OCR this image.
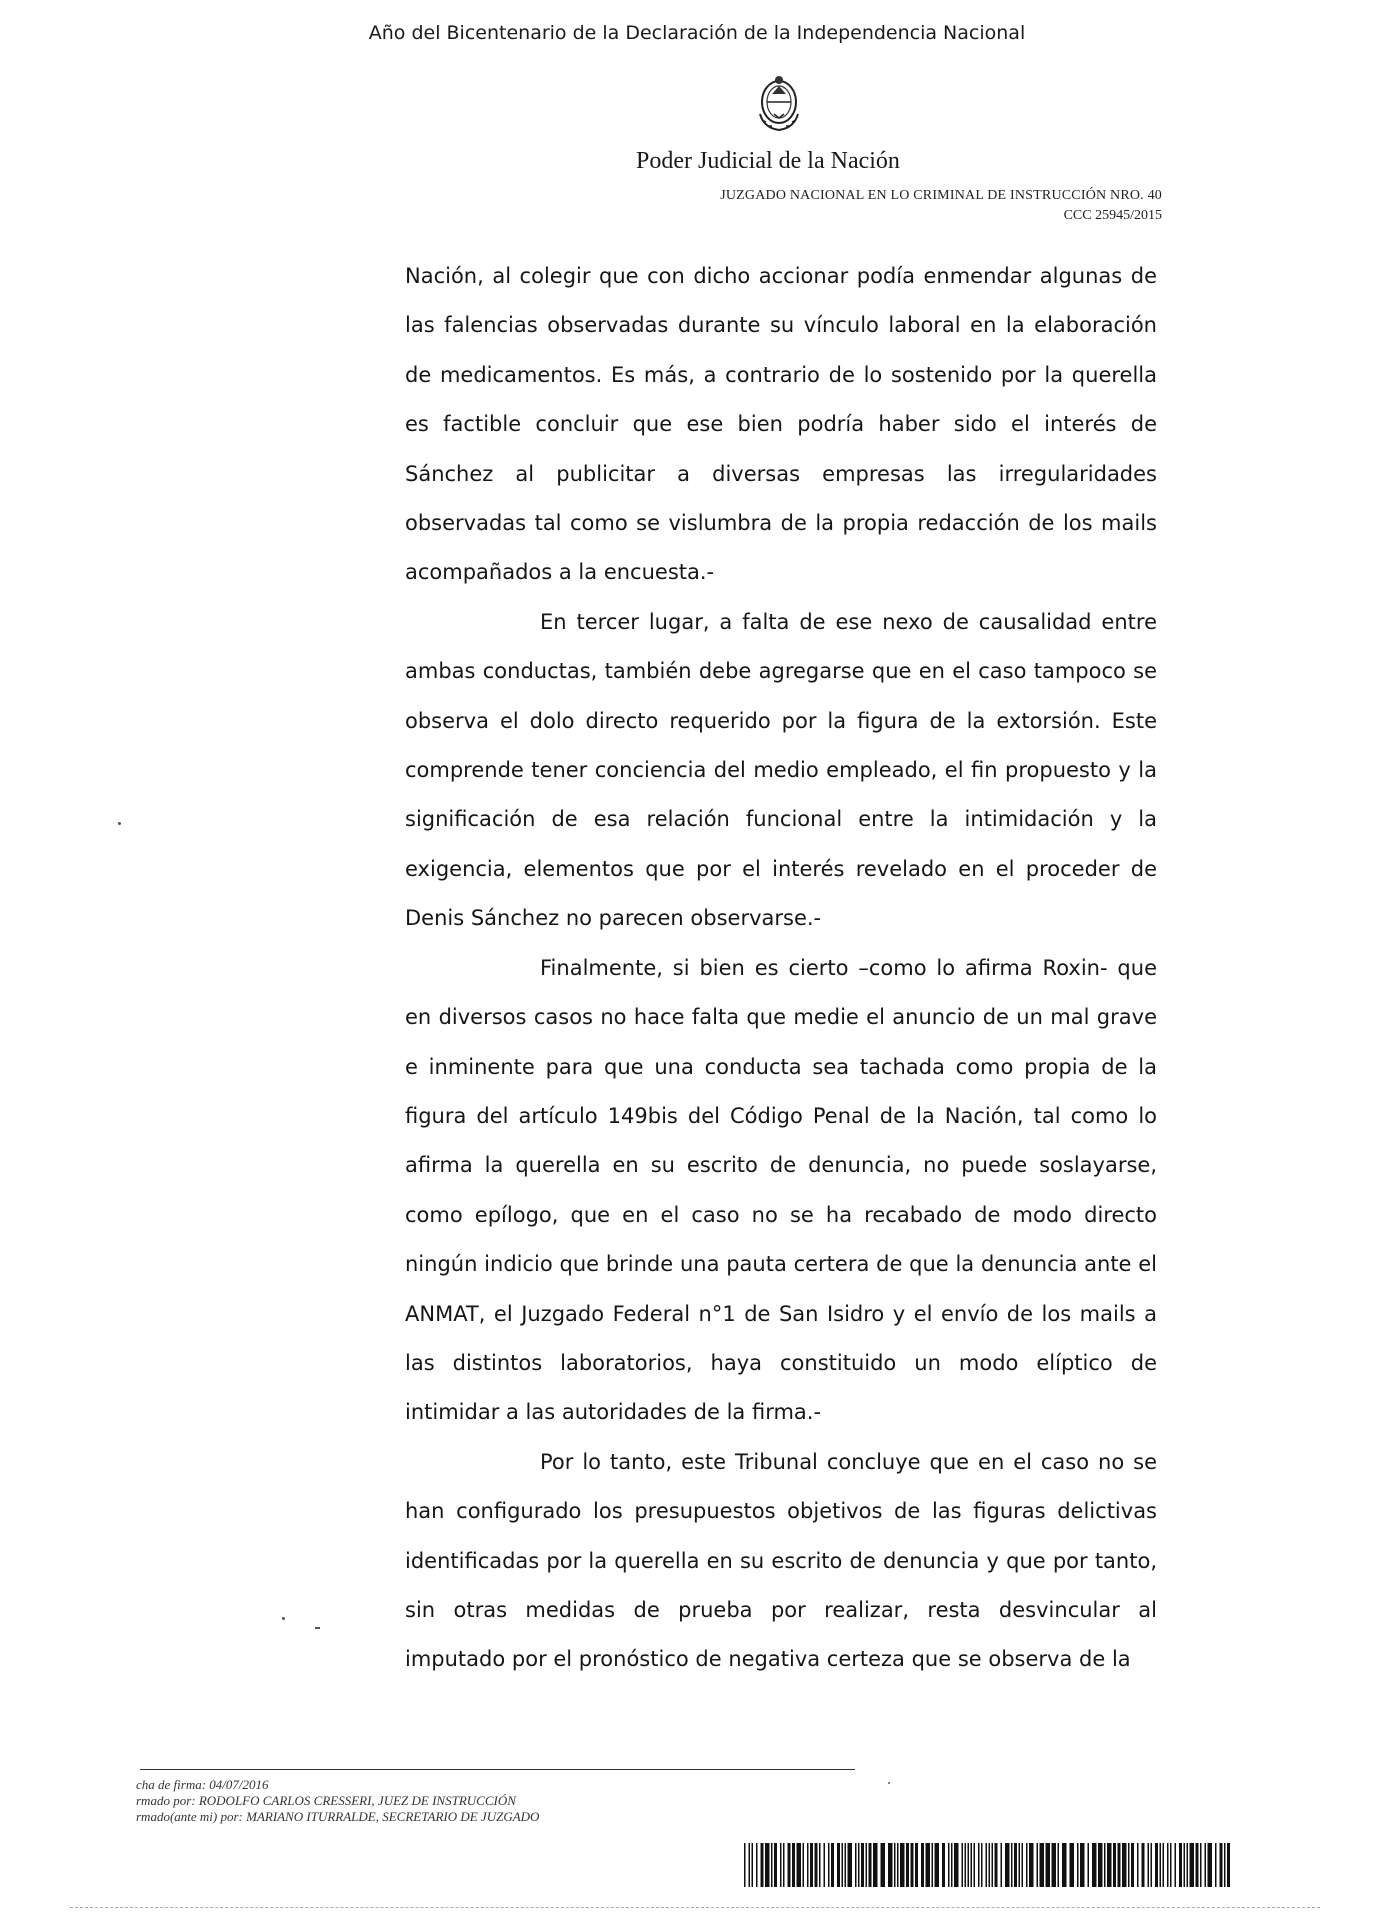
Año del Bicentenario de la Declaración de la Independencia Nacional
Poder Judicial de la Nación
JUZGADO NACIONAL EN LO CRIMINAL DE INSTRUCCIÓN NRO. 40
CCC 25945/2015

Nación, al colegir que con dicho accionar podía enmendar algunas de las falencias observadas durante su vínculo laboral en la elaboración de medicamentos. Es más, a contrario de lo sostenido por la querella es factible concluir que ese bien podría haber sido el interés de Sánchez al publicitar a diversas empresas las irregularidades observadas tal como se vislumbra de la propia redacción de los mails acompañados a la encuesta.-

En tercer lugar, a falta de ese nexo de causalidad entre ambas conductas, también debe agregarse que en el caso tampoco se observa el dolo directo requerido por la figura de la extorsión. Este comprende tener conciencia del medio empleado, el fin propuesto y la significación de esa relación funcional entre la intimidación y la exigencia, elementos que por el interés revelado en el proceder de Denis Sánchez no parecen observarse.-

Finalmente, si bien es cierto –como lo afirma Roxin- que en diversos casos no hace falta que medie el anuncio de un mal grave e inminente para que una conducta sea tachada como propia de la figura del artículo 149bis del Código Penal de la Nación, tal como lo afirma la querella en su escrito de denuncia, no puede soslayarse, como epílogo, que en el caso no se ha recabado de modo directo ningún indicio que brinde una pauta certera de que la denuncia ante el ANMAT, el Juzgado Federal n°1 de San Isidro y el envío de los mails a las distintos laboratorios, haya constituido un modo elíptico de intimidar a las autoridades de la firma.-

Por lo tanto, este Tribunal concluye que en el caso no se han configurado los presupuestos objetivos de las figuras delictivas identificadas por la querella en su escrito de denuncia y que por tanto, sin otras medidas de prueba por realizar, resta desvincular al imputado por el pronóstico de negativa certeza que se observa de la

cha de firma: 04/07/2016
rmado por: RODOLFO CARLOS CRESSERI, JUEZ DE INSTRUCCIÓN
rmado(ante mi) por: MARIANO ITURRALDE, SECRETARIO DE JUZGADO
